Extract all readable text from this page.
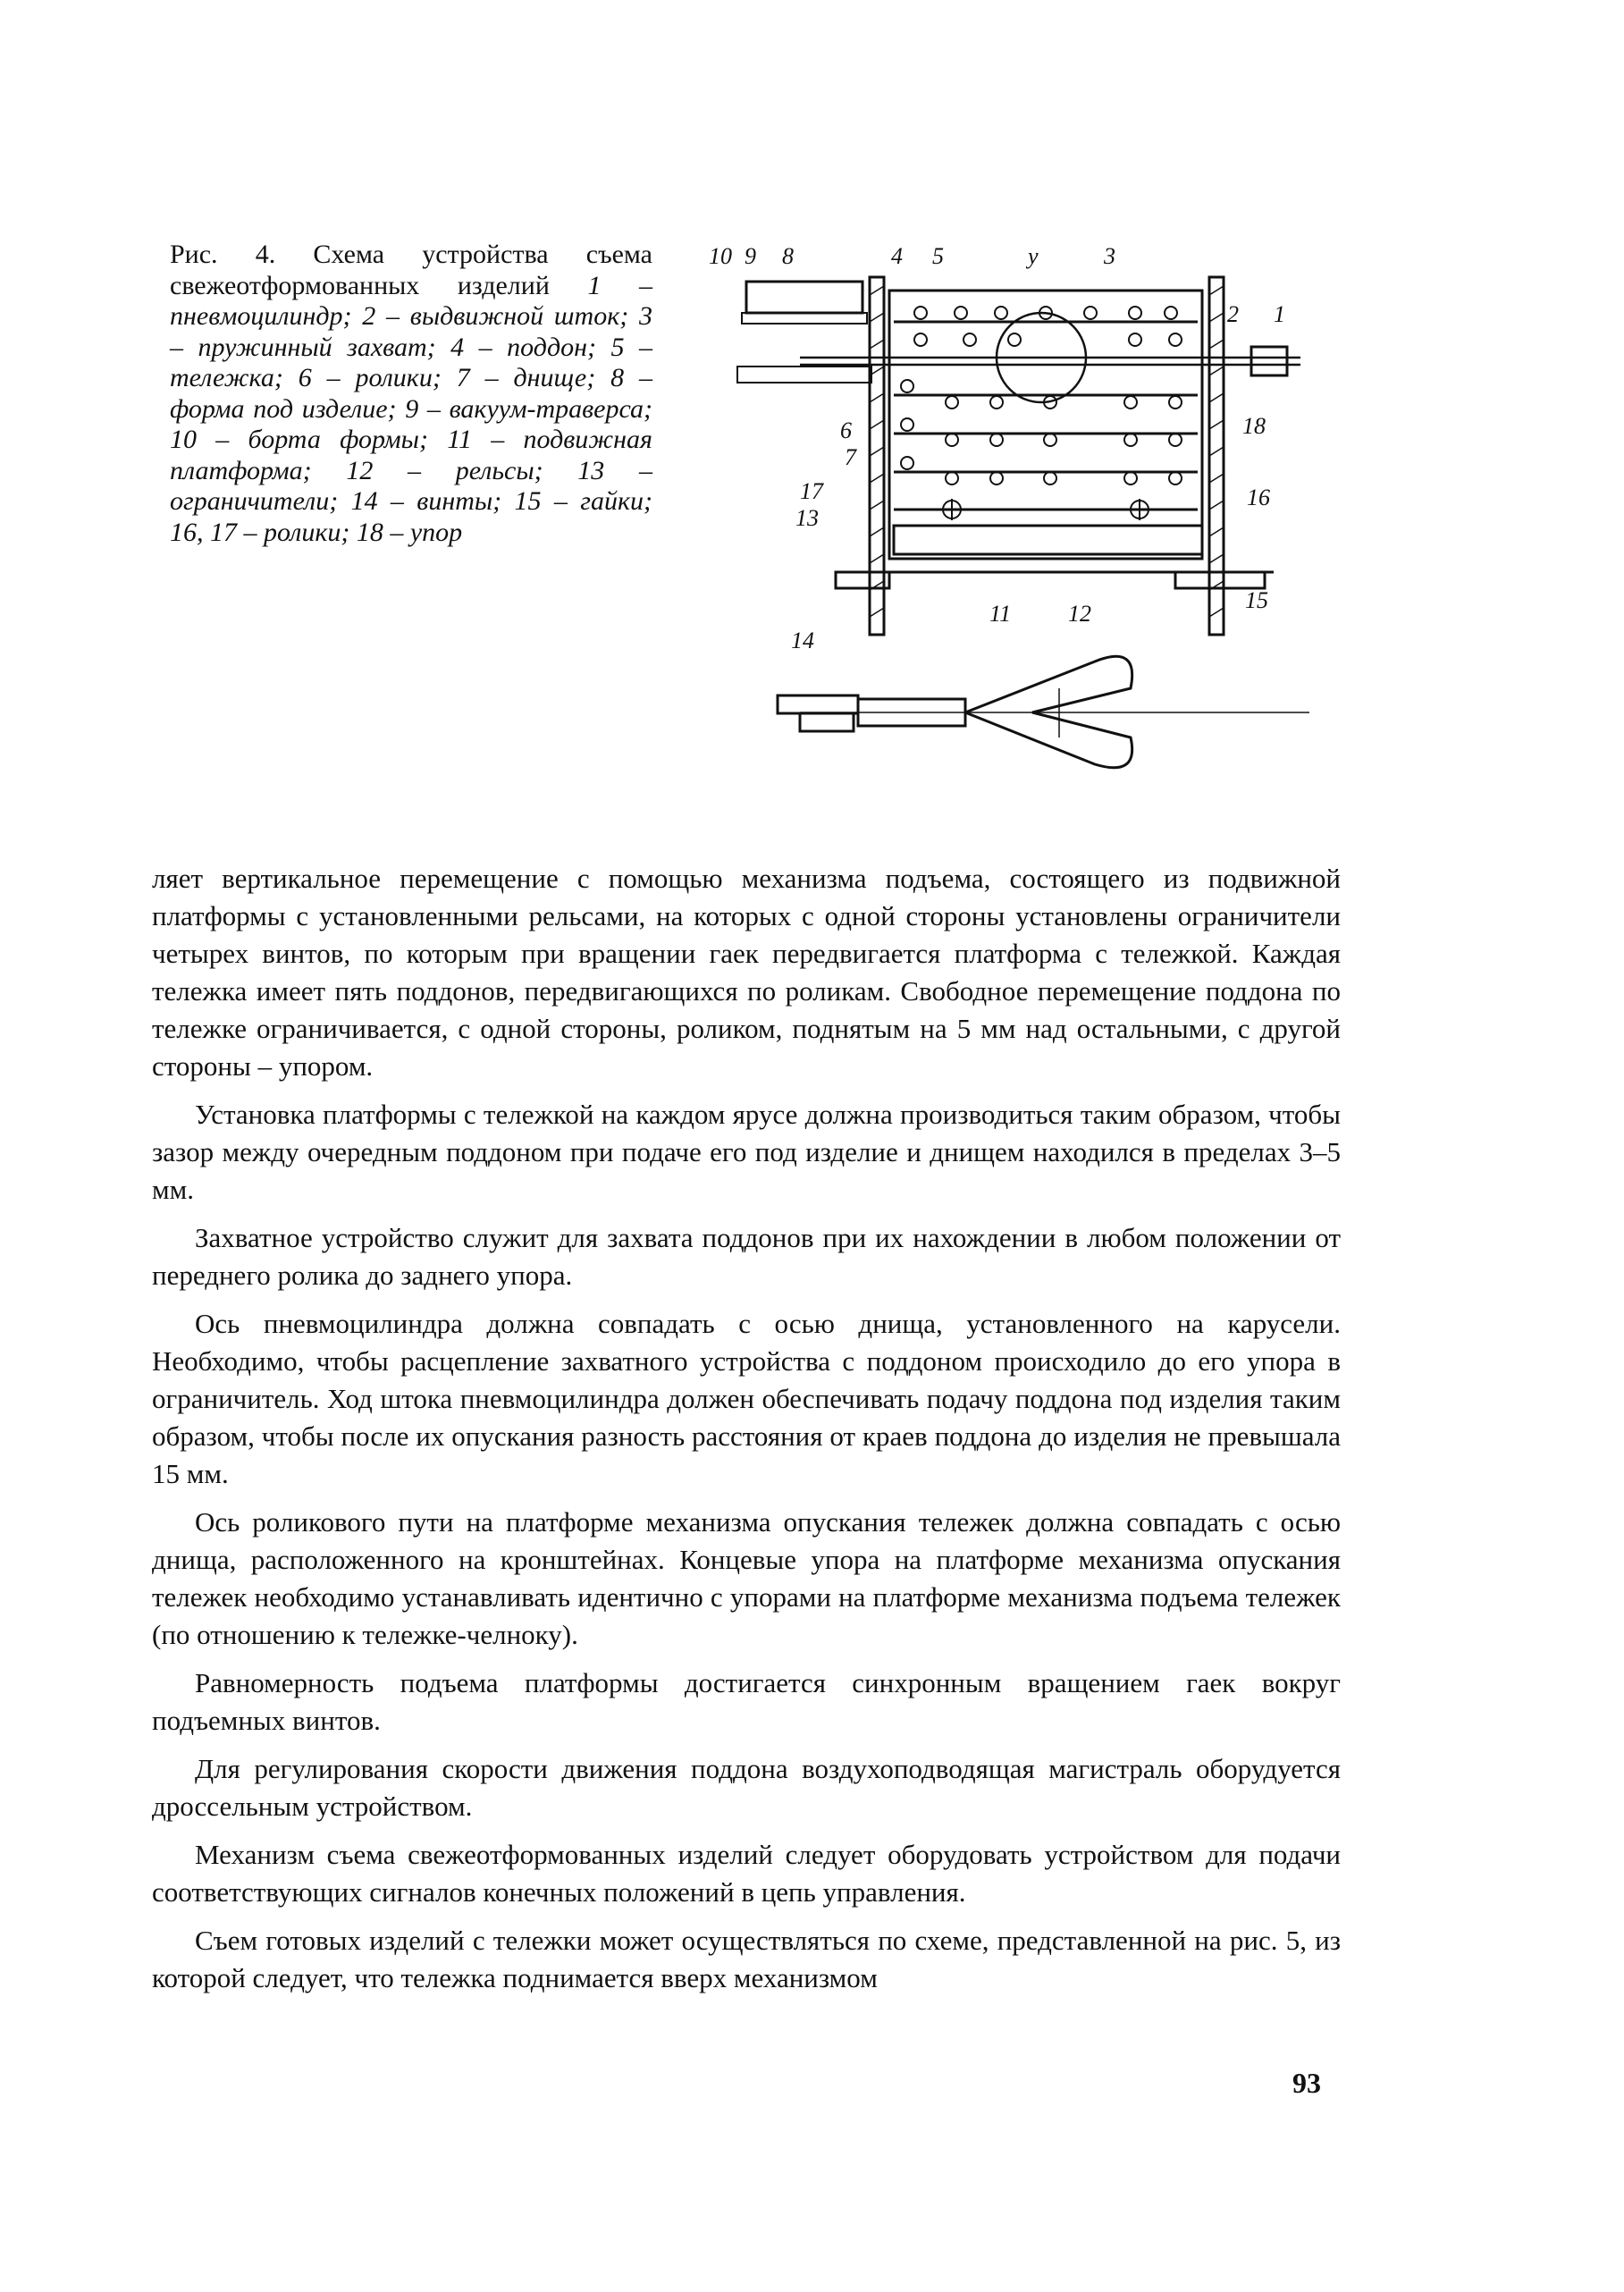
Рис. 4. Схема устройства съема свежеотформованных изделий 1 – пневмоцилиндр; 2 – выдвижной шток; 3 – пружинный захват; 4 – поддон; 5 – тележка; 6 – ролики; 7 – днище; 8 – форма под изделие; 9 – вакуум-траверса; 10 – борта формы; 11 – подвижная платформа; 12 – рельсы; 13 – ограничители; 14 – винты; 15 – гайки; 16, 17 – ролики; 18 – упор
10 9 8	4 5	y	3
2 1
18
16
6
7
17
13
11 12
15
14

ляет вертикальное перемещение с помощью механизма подъема, состоящего из подвижной платформы с установленными рельсами, на которых с одной стороны установлены ограничители четырех винтов, по которым при вращении гаек передвигается платформа с тележкой. Каждая тележка имеет пять поддонов, передвигающихся по роликам. Свободное перемещение поддона по тележке ограничивается, с одной стороны, роликом, поднятым на 5 мм над остальными, с другой стороны – упором.

Установка платформы с тележкой на каждом ярусе должна производиться таким образом, чтобы зазор между очередным поддоном при подаче его под изделие и днищем находился в пределах 3–5 мм.

Захватное устройство служит для захвата поддонов при их нахождении в любом положении от переднего ролика до заднего упора.

Ось пневмоцилиндра должна совпадать с осью днища, установленного на карусели. Необходимо, чтобы расцепление захватного устройства с поддоном происходило до его упора в ограничитель. Ход штока пневмоцилиндра должен обеспечивать подачу поддона под изделия таким образом, чтобы после их опускания разность расстояния от краев поддона до изделия не превышала 15 мм.

Ось роликового пути на платформе механизма опускания тележек должна совпадать с осью днища, расположенного на кронштейнах. Концевые упора на платформе механизма опускания тележек необходимо устанавливать идентично с упорами на платформе механизма подъема тележек (по отношению к тележке-челноку).

Равномерность подъема платформы достигается синхронным вращением гаек вокруг подъемных винтов.

Для регулирования скорости движения поддона воздухоподводящая магистраль оборудуется дроссельным устройством.

Механизм съема свежеотформованных изделий следует оборудовать устройством для подачи соответствующих сигналов конечных положений в цепь управления.

Съем готовых изделий с тележки может осуществляться по схеме, представленной на рис. 5, из которой следует, что тележка поднимается вверх механизмом

93
